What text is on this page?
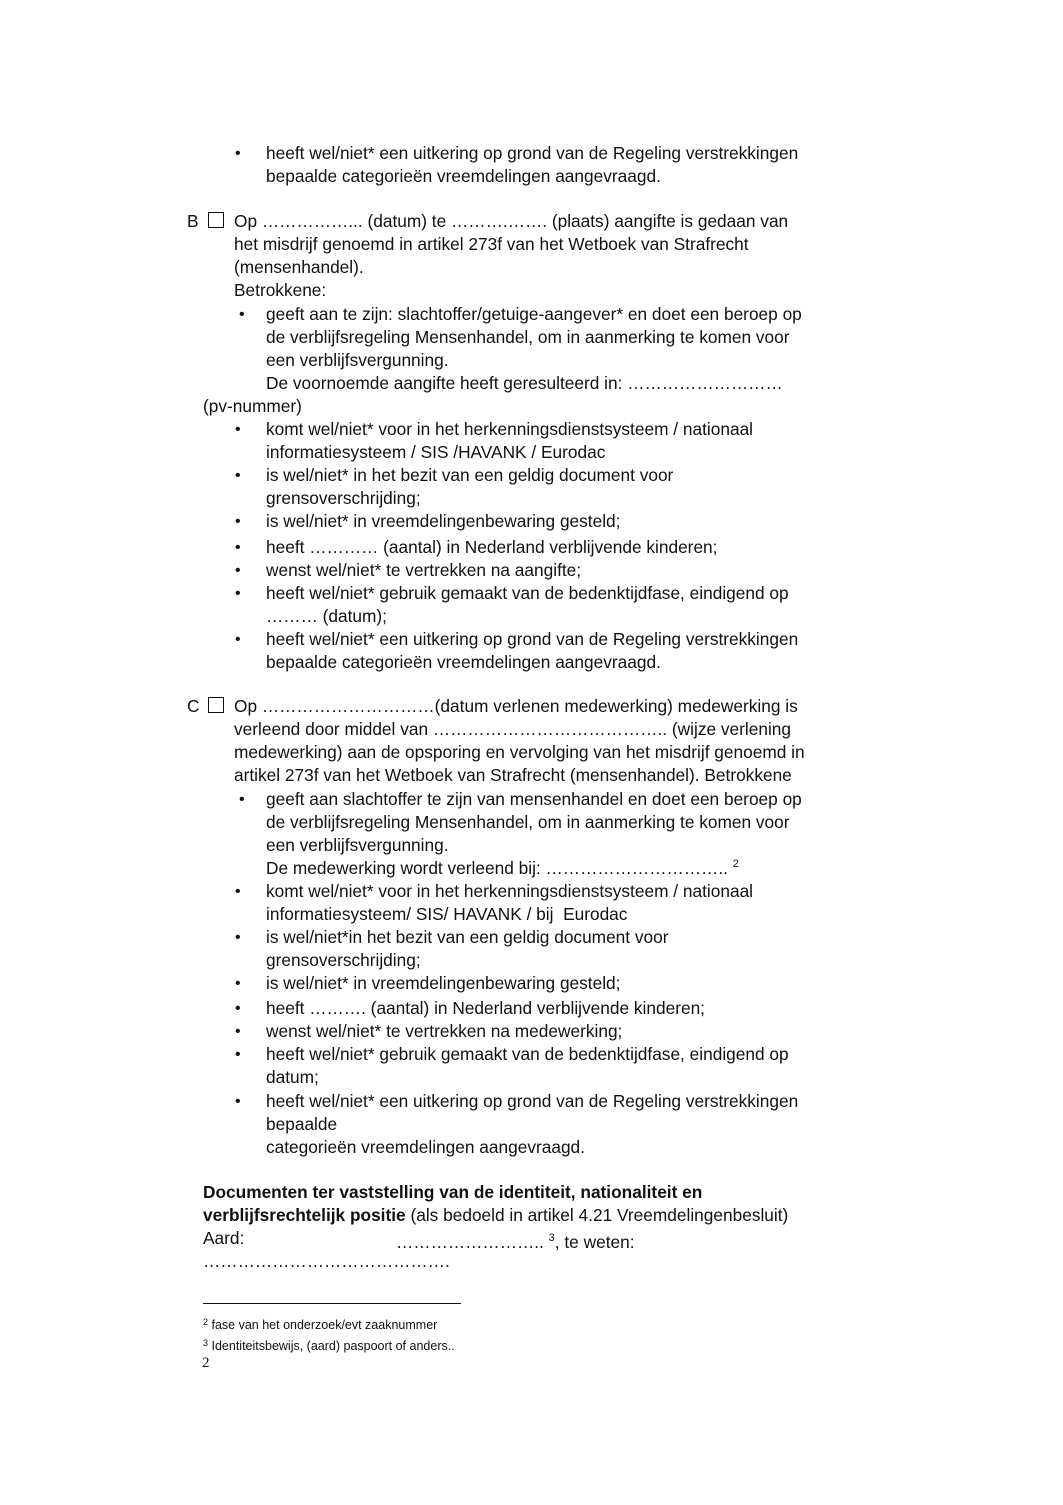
• heeft wel/niet* een uitkering op grond van de Regeling verstrekkingen
bepaalde categorieën vreemdelingen aangevraagd.
B Op ……………... (datum) te ……….……. (plaats) aangifte is gedaan van
het misdrijf genoemd in artikel 273f van het Wetboek van Strafrecht
(mensenhandel).
Betrokkene:
• geeft aan te zijn: slachtoffer/getuige-aangever* en doet een beroep op
de verblijfsregeling Mensenhandel, om in aanmerking te komen voor
een verblijfsvergunning.
De voornoemde aangifte heeft geresulteerd in: ………………………
(pv-nummer)
• komt wel/niet* voor in het herkenningsdienstsysteem / nationaal
informatiesysteem / SIS /HAVANK / Eurodac
• is wel/niet* in het bezit van een geldig document voor
grensoverschrijding;
• is wel/niet* in vreemdelingenbewaring gesteld;
• heeft ………… (aantal) in Nederland verblijvende kinderen;
• wenst wel/niet* te vertrekken na aangifte;
• heeft wel/niet* gebruik gemaakt van de bedenktijdfase, eindigend op
……… (datum);
• heeft wel/niet* een uitkering op grond van de Regeling verstrekkingen
bepaalde categorieën vreemdelingen aangevraagd.
C Op …………………………(datum verlenen medewerking) medewerking is
verleend door middel van ………………………………….. (wijze verlening
medewerking) aan de opsporing en vervolging van het misdrijf genoemd in
artikel 273f van het Wetboek van Strafrecht (mensenhandel). Betrokkene
• geeft aan slachtoffer te zijn van mensenhandel en doet een beroep op
de verblijfsregeling Mensenhandel, om in aanmerking te komen voor
een verblijfsvergunning.
De medewerking wordt verleend bij: ………………………….. $^2$
• komt wel/niet* voor in het herkenningsdienstsysteem / nationaal
informatiesysteem/ SIS/ HAVANK / bij  Eurodac
• is wel/niet*in het bezit van een geldig document voor
grensoverschrijding;
• is wel/niet* in vreemdelingenbewaring gesteld;
• heeft ………. (aantal) in Nederland verblijvende kinderen;
• wenst wel/niet* te vertrekken na medewerking;
• heeft wel/niet* gebruik gemaakt van de bedenktijdfase, eindigend op
datum;
• heeft wel/niet* een uitkering op grond van de Regeling verstrekkingen
bepaalde
categorieën vreemdelingen aangevraagd.
Documenten ter vaststelling van de identiteit, nationaliteit en
verblijfsrechtelijk positie (als bedoeld in artikel 4.21 Vreemdelingenbesluit)
Aard:	…………………….. $^3$, te weten:
…………………………………….
$^2$ fase van het onderzoek/evt zaaknummer
$^3$ Identiteitsbewijs, (aard) paspoort of anders..
2
